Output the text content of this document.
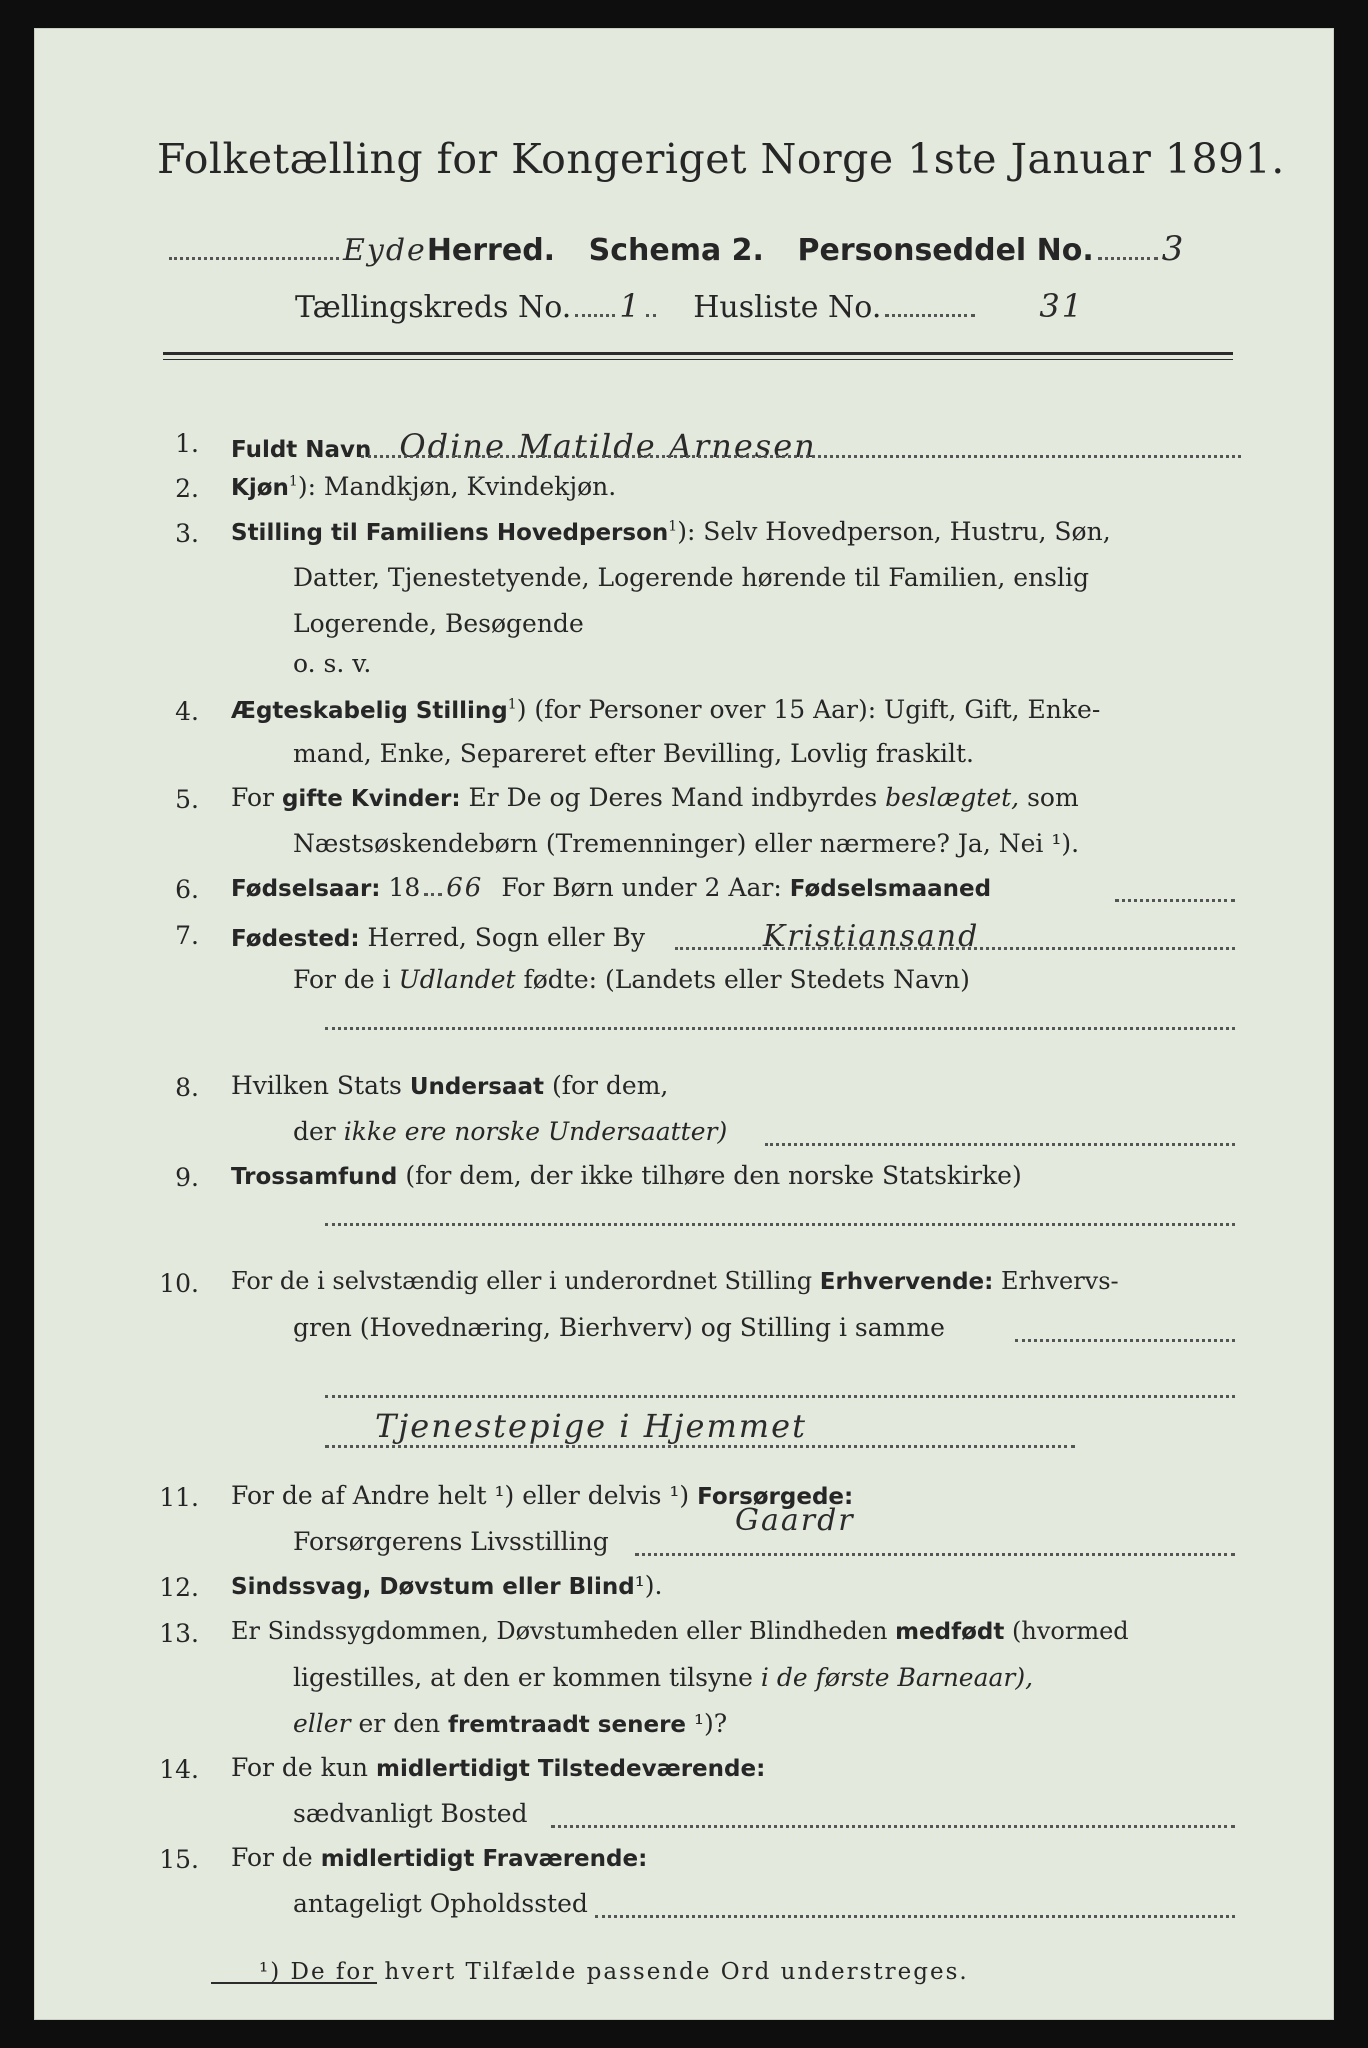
Folketælling for Kongeriget Norge 1ste Januar 1891.
EydeHerred. Schema 2. Personseddel No. 3
Tællingskreds No. 1 Husliste No.	31
1. Fuldt Navn Odine Matilde Arnesen
2. Kjøn$^1$): Mandkjøn, Kvindekjøn.
3. Stilling til Familiens Hovedperson$^1$): Selv Hovedperson, Hustru, Søn,
Datter, Tjenestetyende, Logerende hørende til Familien, enslig
Logerende, Besøgende
o. s. v.
4. Ægteskabelig Stilling$^1$) (for Personer over 15 Aar): Ugift, Gift, Enke-
mand, Enke, Separeret efter Bevilling, Lovlig fraskilt.
5. For gifte Kvinder: Er De og Deres Mand indbyrdes beslægtet, som
Næstsøskendebørn (Tremenninger) eller nærmere? Ja, Nei ¹).
6. Fødselsaar: 18 66 For Børn under 2 Aar: Fødselsmaaned
7. Fødested: Herred, Sogn eller By	Kristiansand
For de i Udlandet fødte: (Landets eller Stedets Navn)
8. Hvilken Stats Undersaat (for dem,
der ikke ere norske Undersaatter)
9. Trossamfund (for dem, der ikke tilhøre den norske Statskirke)
10. For de i selvstændig eller i underordnet Stilling Erhvervende: Erhvervs-
gren (Hovednæring, Bierhverv) og Stilling i samme
Tjenestepige i Hjemmet
11. For de af Andre helt ¹) eller delvis ¹) Forsørgede:
Forsørgerens Livsstilling
Gaardr
12. Sindssvag, Døvstum eller Blind¹).
13. Er Sindssygdommen, Døvstumheden eller Blindheden medfødt (hvormed
ligestilles, at den er kommen tilsyne i de første Barneaar),
eller er den fremtraadt senere ¹)?
14. For de kun midlertidigt Tilstedeværende:
sædvanligt Bosted
15. For de midlertidigt Fraværende:
antageligt Opholdssted
¹) De for hvert Tilfælde passende Ord understreges.
